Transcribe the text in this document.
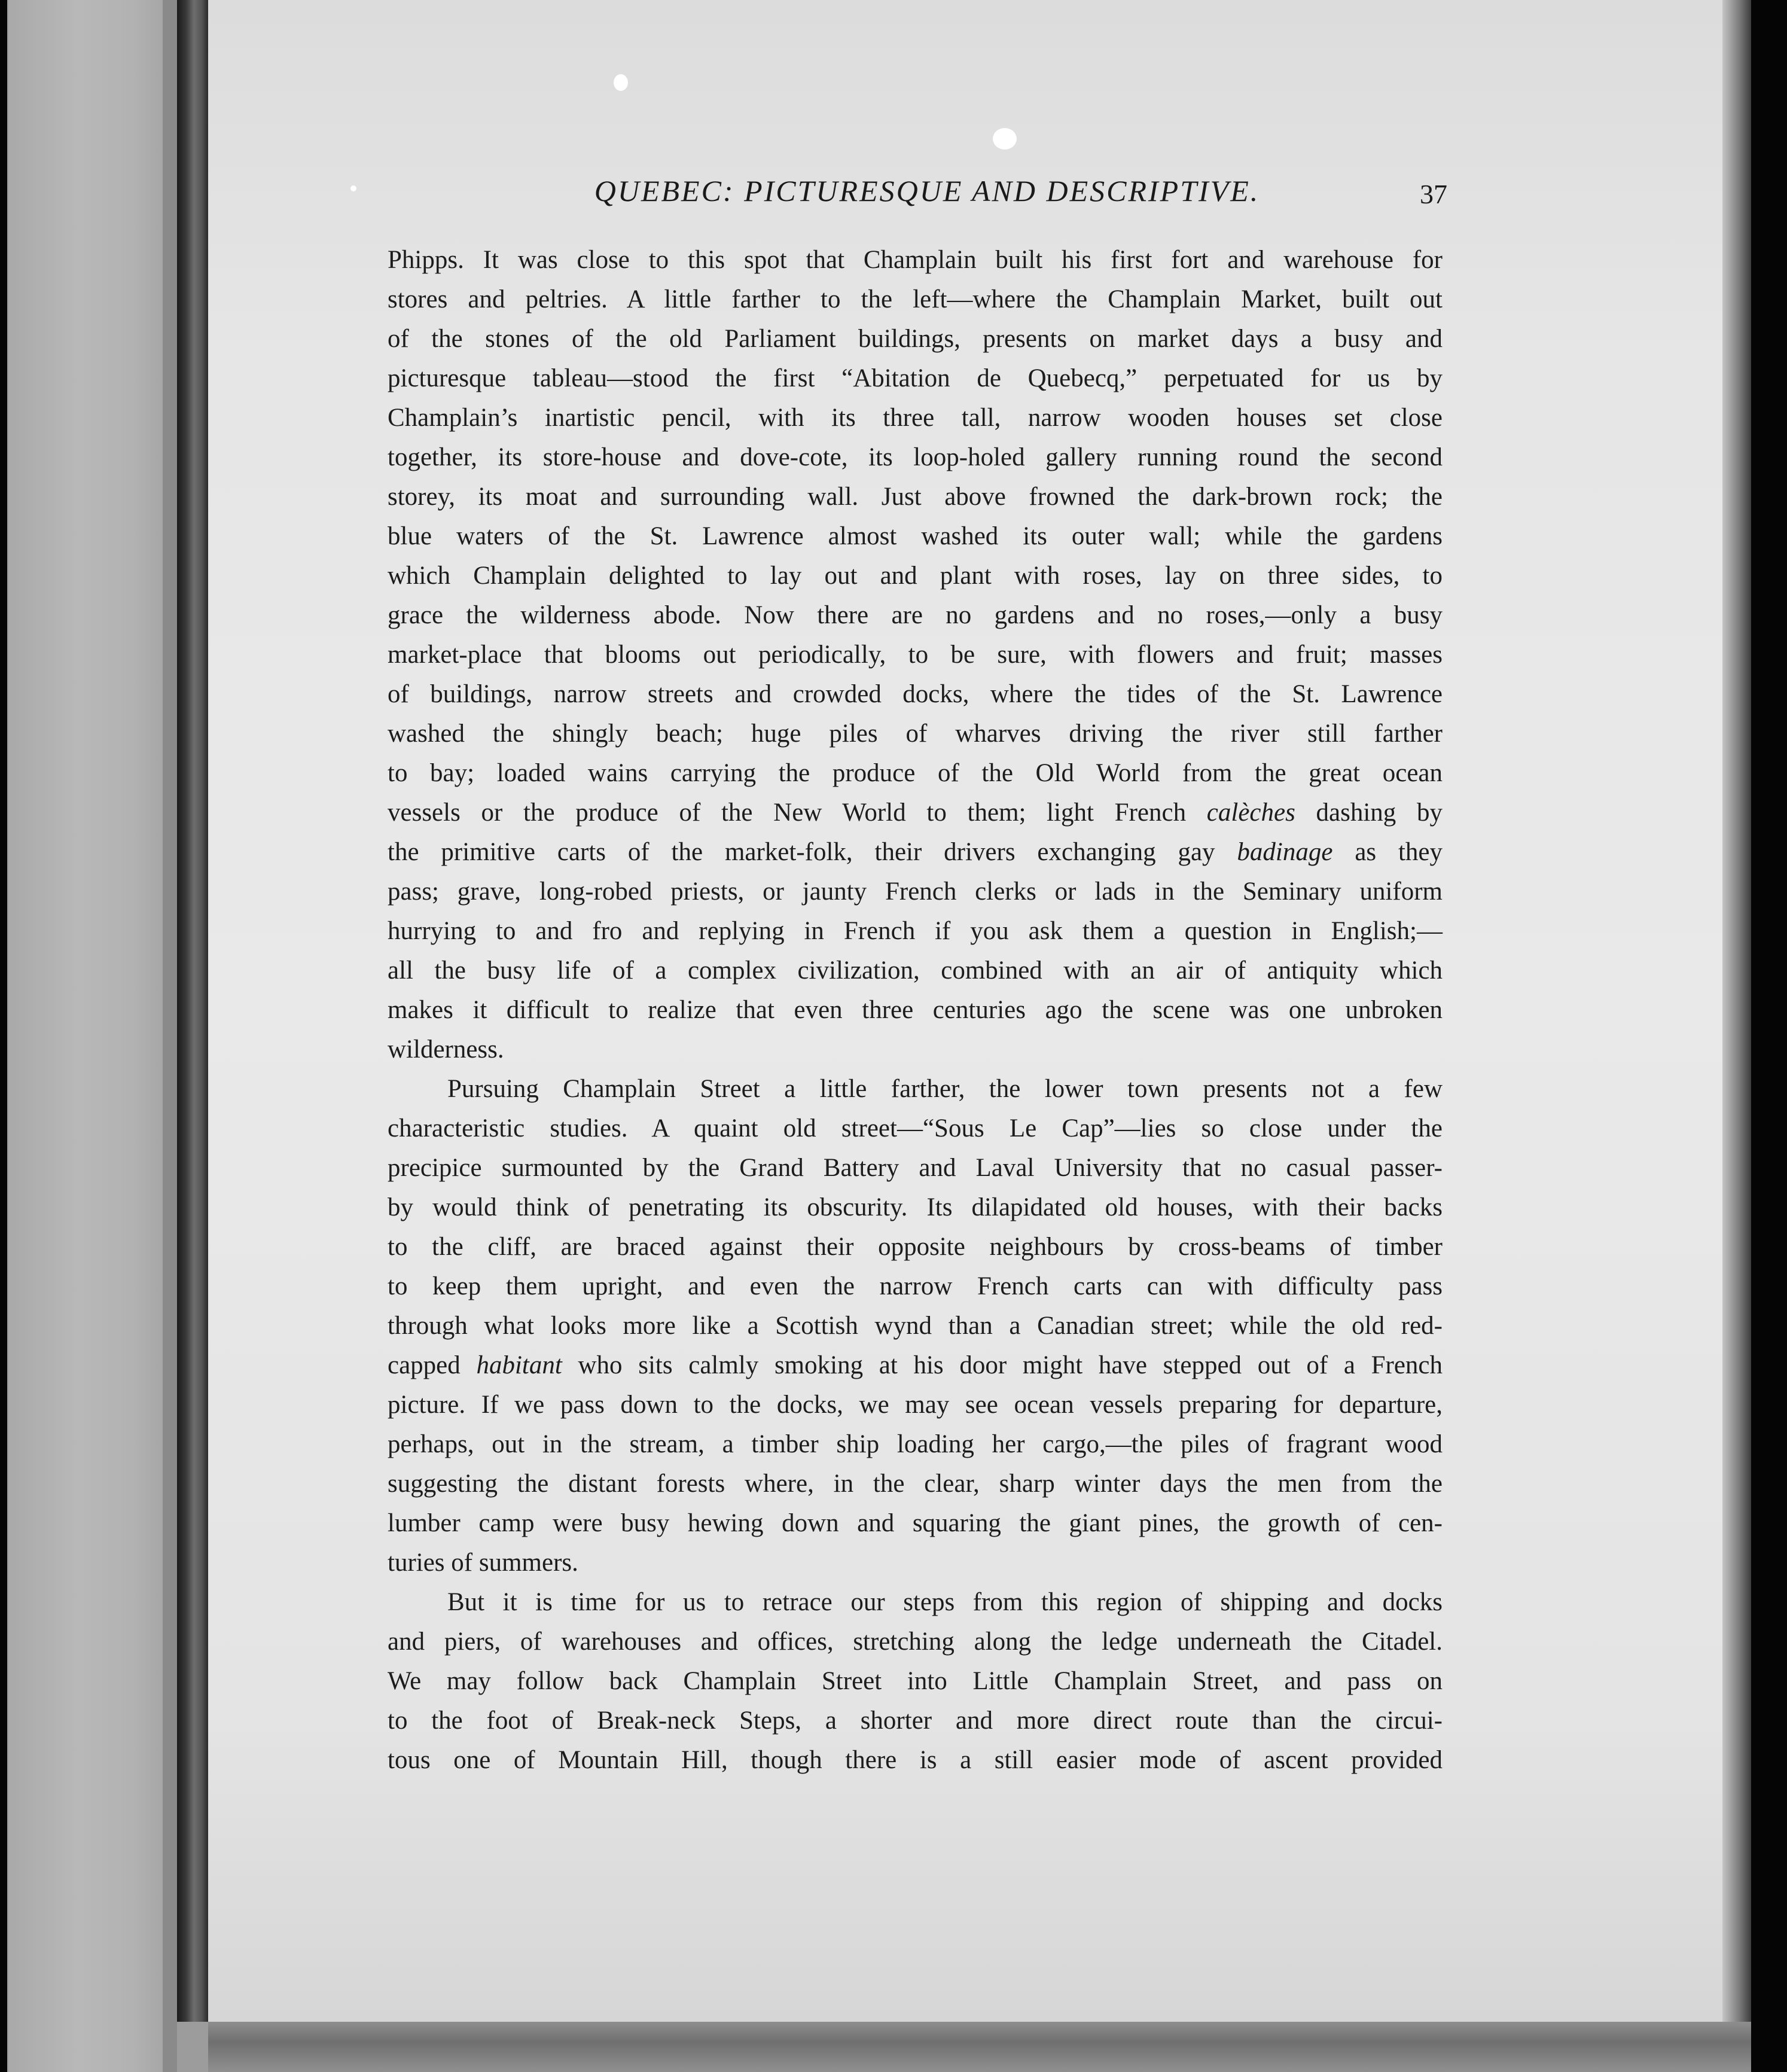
QUEBEC: PICTURESQUE AND DESCRIPTIVE.	37
Phipps. It was close to this spot that Champlain built his first fort and warehouse for
stores and peltries. A little farther to the left—where the Champlain Market, built out
of the stones of the old Parliament buildings, presents on market days a busy and
picturesque tableau—stood the first “Abitation de Quebecq,” perpetuated for us by
Champlain’s inartistic pencil, with its three tall, narrow wooden houses set close
together, its store-house and dove-cote, its loop-holed gallery running round the second
storey, its moat and surrounding wall. Just above frowned the dark-brown rock; the
blue waters of the St. Lawrence almost washed its outer wall; while the gardens
which Champlain delighted to lay out and plant with roses, lay on three sides, to
grace the wilderness abode. Now there are no gardens and no roses,—only a busy
market-place that blooms out periodically, to be sure, with flowers and fruit; masses
of buildings, narrow streets and crowded docks, where the tides of the St. Lawrence
washed the shingly beach; huge piles of wharves driving the river still farther
to bay; loaded wains carrying the produce of the Old World from the great ocean
vessels or the produce of the New World to them; light French calèches dashing by
the primitive carts of the market-folk, their drivers exchanging gay badinage as they
pass; grave, long-robed priests, or jaunty French clerks or lads in the Seminary uniform
hurrying to and fro and replying in French if you ask them a question in English;—
all the busy life of a complex civilization, combined with an air of antiquity which
makes it difficult to realize that even three centuries ago the scene was one unbroken
wilderness.
Pursuing Champlain Street a little farther, the lower town presents not a few
characteristic studies. A quaint old street—“Sous Le Cap”—lies so close under the
precipice surmounted by the Grand Battery and Laval University that no casual passer-
by would think of penetrating its obscurity. Its dilapidated old houses, with their backs
to the cliff, are braced against their opposite neighbours by cross-beams of timber
to keep them upright, and even the narrow French carts can with difficulty pass
through what looks more like a Scottish wynd than a Canadian street; while the old red-
capped habitant who sits calmly smoking at his door might have stepped out of a French
picture. If we pass down to the docks, we may see ocean vessels preparing for departure,
perhaps, out in the stream, a timber ship loading her cargo,—the piles of fragrant wood
suggesting the distant forests where, in the clear, sharp winter days the men from the
lumber camp were busy hewing down and squaring the giant pines, the growth of cen-
turies of summers.
But it is time for us to retrace our steps from this region of shipping and docks
and piers, of warehouses and offices, stretching along the ledge underneath the Citadel.
We may follow back Champlain Street into Little Champlain Street, and pass on
to the foot of Break-neck Steps, a shorter and more direct route than the circui-
tous one of Mountain Hill, though there is a still easier mode of ascent provided
